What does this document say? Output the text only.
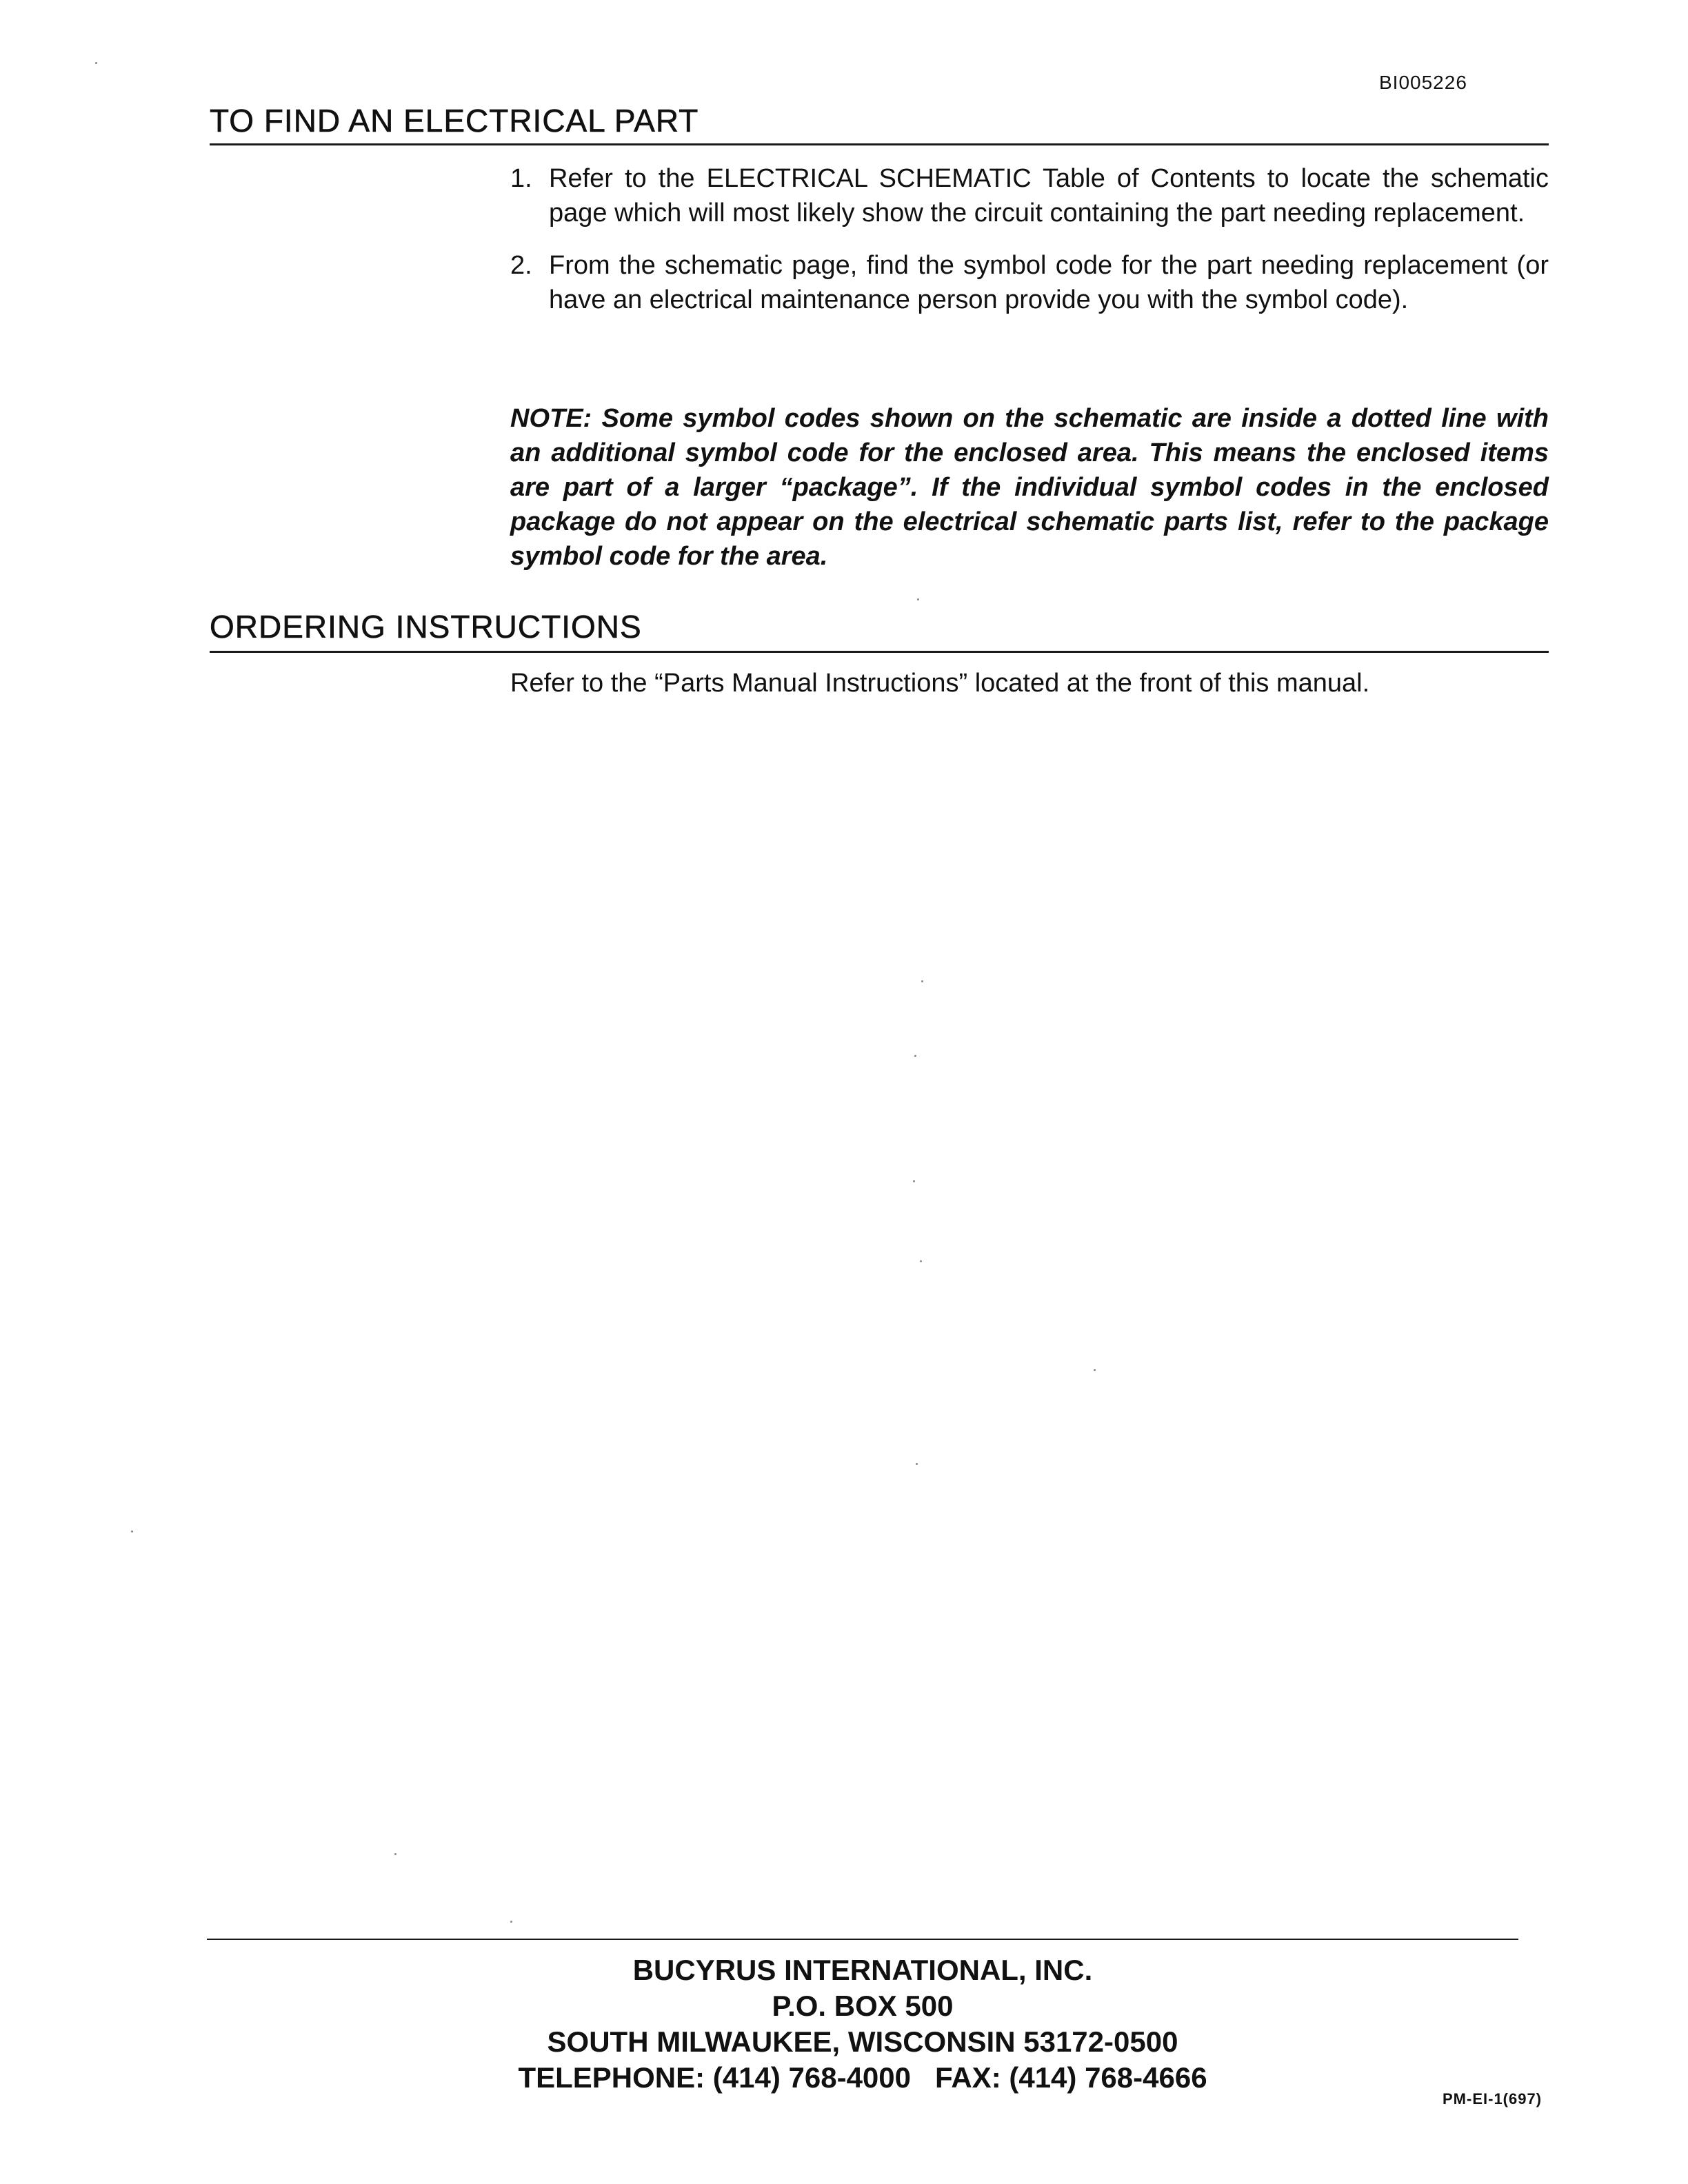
BI005226
TO FIND AN ELECTRICAL PART
1. Refer to the ELECTRICAL SCHEMATIC Table of Contents to locate the schematic page which will most likely show the circuit containing the part needing replacement.
2. From the schematic page, find the symbol code for the part needing replacement (or have an electrical maintenance person provide you with the symbol code).

NOTE: Some symbol codes shown on the schematic are inside a dotted line with an additional symbol code for the enclosed area. This means the enclosed items are part of a larger “package”. If the individual symbol codes in the enclosed package do not appear on the electrical schematic parts list, refer to the package symbol code for the area.

ORDERING INSTRUCTIONS

Refer to the “Parts Manual Instructions” located at the front of this manual.

BUCYRUS INTERNATIONAL, INC.
P.O. BOX 500
SOUTH MILWAUKEE, WISCONSIN 53172-0500
TELEPHONE: (414) 768-4000   FAX: (414) 768-4666
PM-EI-1(697)
